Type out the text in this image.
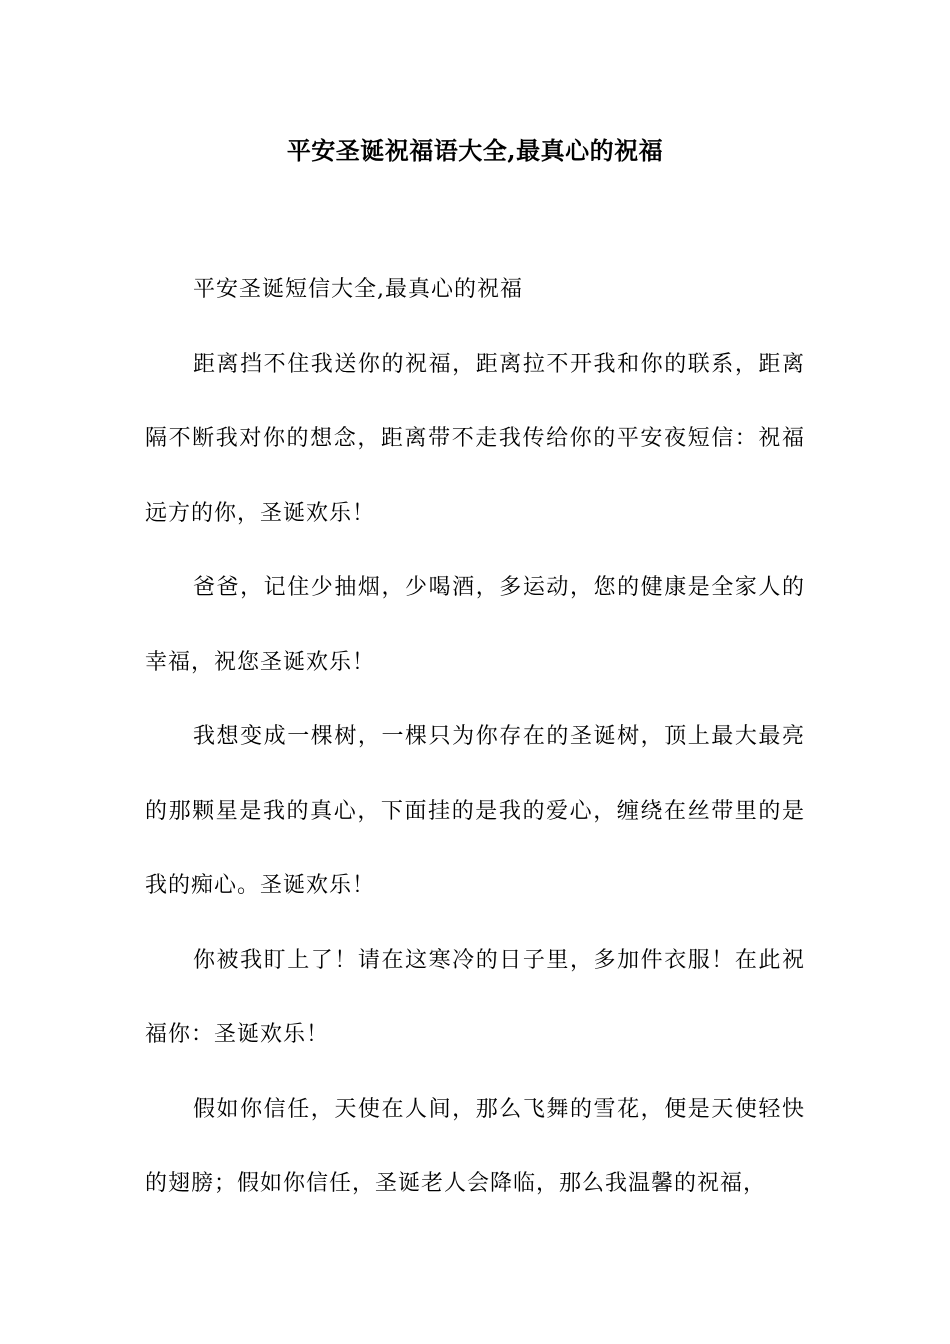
平安圣诞祝福语大全,最真心的祝福

平安圣诞短信大全,最真心的祝福

距离挡不住我送你的祝福，距离拉不开我和你的联系，距离隔不断我对你的想念，距离带不走我传给你的平安夜短信：祝福远方的你，圣诞欢乐！

爸爸，记住少抽烟，少喝酒，多运动，您的健康是全家人的幸福，祝您圣诞欢乐！

我想变成一棵树，一棵只为你存在的圣诞树，顶上最大最亮的那颗星是我的真心，下面挂的是我的爱心，缠绕在丝带里的是我的痴心。圣诞欢乐！

你被我盯上了！请在这寒冷的日子里，多加件衣服！在此祝福你：圣诞欢乐！

假如你信任，天使在人间，那么飞舞的雪花，便是天使轻快的翅膀；假如你信任，圣诞老人会降临，那么我温馨的祝福，
